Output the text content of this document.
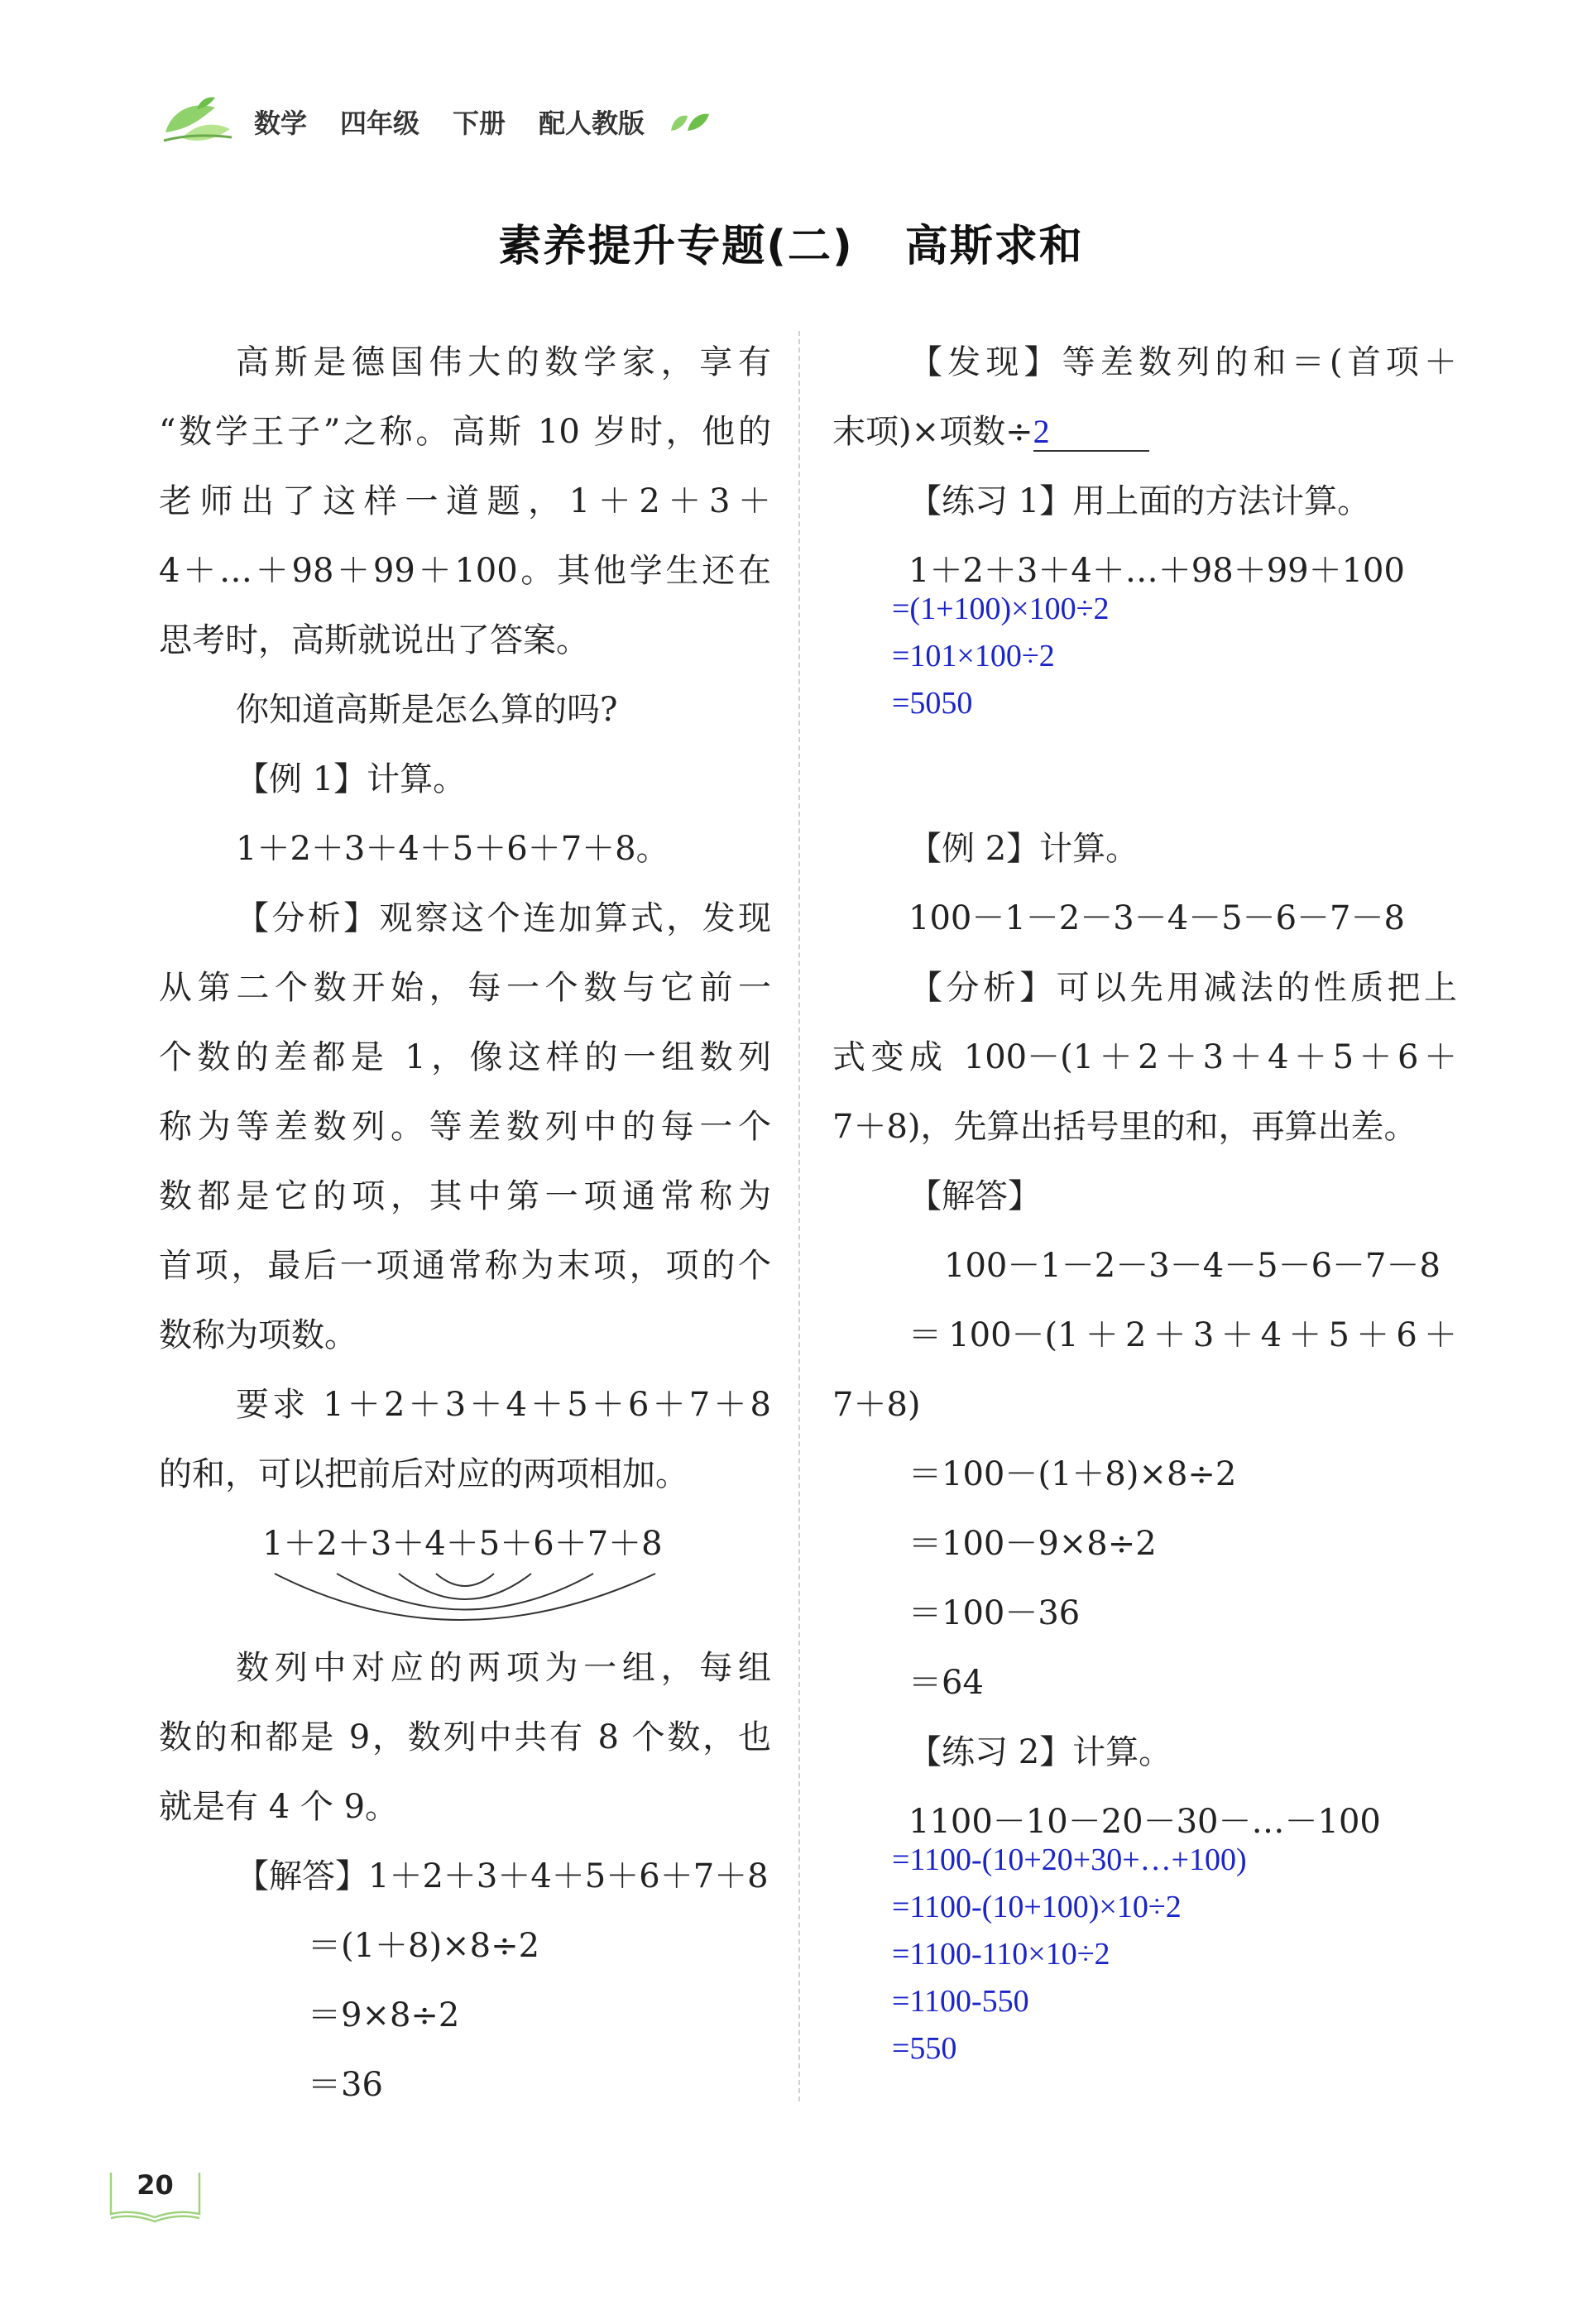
数学 四年级 下册 配人教版
素养提升专题(二) 高斯求和

高斯是德国伟大的数学家，享有

“数学王子”之称。高斯 10 岁时，他的

老师出了这样一道题，1＋2＋3＋

4＋…＋98＋99＋100。其他学生还在

思考时，高斯就说出了答案。

你知道高斯是怎么算的吗?

【例 1】计算。

1＋2＋3＋4＋5＋6＋7＋8。

【分析】观察这个连加算式，发现

从第二个数开始，每一个数与它前一

个数的差都是 1，像这样的一组数列

称为等差数列。等差数列中的每一个

数都是它的项，其中第一项通常称为

首项，最后一项通常称为末项，项的个

数称为项数。

要求 1＋2＋3＋4＋5＋6＋7＋8

的和，可以把前后对应的两项相加。

1＋2＋3＋4＋5＋6＋7＋8

数列中对应的两项为一组，每组

数的和都是 9，数列中共有 8 个数，也

就是有 4 个 9。

【解答】1＋2＋3＋4＋5＋6＋7＋8

＝(1＋8)×8÷2

＝9×8÷2

＝36

【发现】等差数列的和＝(首项＋

末项)×项数÷2

【练习 1】用上面的方法计算。

1＋2＋3＋4＋…＋98＋99＋100

=(1+100)×100÷2
=101×100÷2
=5050

【例 2】计算。

100－1－2－3－4－5－6－7－8

【分析】可以先用减法的性质把上

式变成 100－(1＋2＋3＋4＋5＋6＋

7＋8)，先算出括号里的和，再算出差。

【解答】

100－1－2－3－4－5－6－7－8

＝100－(1＋2＋3＋4＋5＋6＋

7＋8)

＝100－(1＋8)×8÷2

＝100－9×8÷2

＝100－36

＝64

【练习 2】计算。

1100－10－20－30－…－100

=1100-(10+20+30+…+100)
=1100-(10+100)×10÷2
=1100-110×10÷2
=1100-550
=550
20
